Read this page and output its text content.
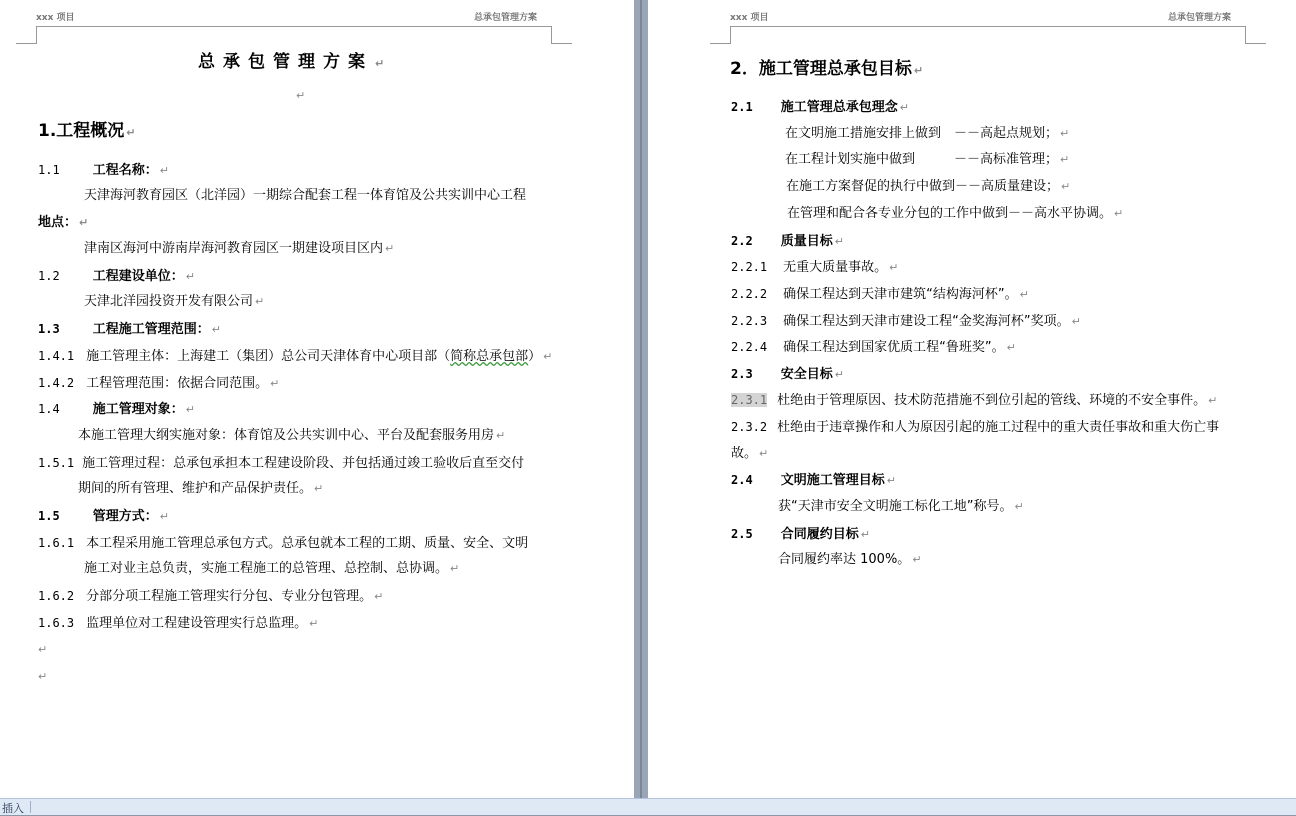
xxx 项目	总承包管理方案
总承包管理方案 ↵
↵
1.工程概况 ↵
1.1	工程名称： ↵
天津海河教育园区（北洋园）一期综合配套工程一体育馆及公共实训中心工程
地点： ↵
津南区海河中游南岸海河教育园区一期建设项目区内 ↵
1.2	工程建设单位： ↵
天津北洋园投资开发有限公司 ↵
1.3	工程施工管理范围： ↵
1.4.1 施工管理主体：上海建工（集团）总公司天津体育中心项目部（简称总承包部） ↵
1.4.2 工程管理范围：依据合同范围。 ↵
1.4	施工管理对象： ↵
本施工管理大纲实施对象：体育馆及公共实训中心、平台及配套服务用房 ↵
1.5.1 施工管理过程：总承包承担本工程建设阶段、并包括通过竣工验收后直至交付
期间的所有管理、维护和产品保护责任。 ↵
1.5	管理方式： ↵
1.6.1 本工程采用施工管理总承包方式。总承包就本工程的工期、质量、安全、文明
施工对业主总负责，实施工程施工的总管理、总控制、总协调。 ↵
1.6.2 分部分项工程施工管理实行分包、专业分包管理。 ↵
1.6.3 监理单位对工程建设管理实行总监理。 ↵
↵
↵
xxx 项目	总承包管理方案
2．施工管理总承包目标 ↵
2.1 施工管理总承包理念 ↵
在文明施工措施安排上做到　－－高起点规划； ↵
在工程计划实施中做到　　　－－高标准管理； ↵
在施工方案督促的执行中做到－－高质量建设； ↵
在管理和配合各专业分包的工作中做到－－高水平协调。 ↵
2.2 质量目标 ↵
2.2.1 无重大质量事故。 ↵
2.2.2 确保工程达到天津市建筑“结构海河杯”。 ↵
2.2.3 确保工程达到天津市建设工程“金奖海河杯”奖项。 ↵
2.2.4 确保工程达到国家优质工程“鲁班奖”。 ↵
2.3 安全目标 ↵
2.3.1 杜绝由于管理原因、技术防范措施不到位引起的管线、环境的不安全事件。 ↵
2.3.2 杜绝由于违章操作和人为原因引起的施工过程中的重大责任事故和重大伤亡事
故。 ↵
2.4 文明施工管理目标 ↵
获“天津市安全文明施工标化工地”称号。 ↵
2.5 合同履约目标 ↵
合同履约率达 100%。 ↵
插入
